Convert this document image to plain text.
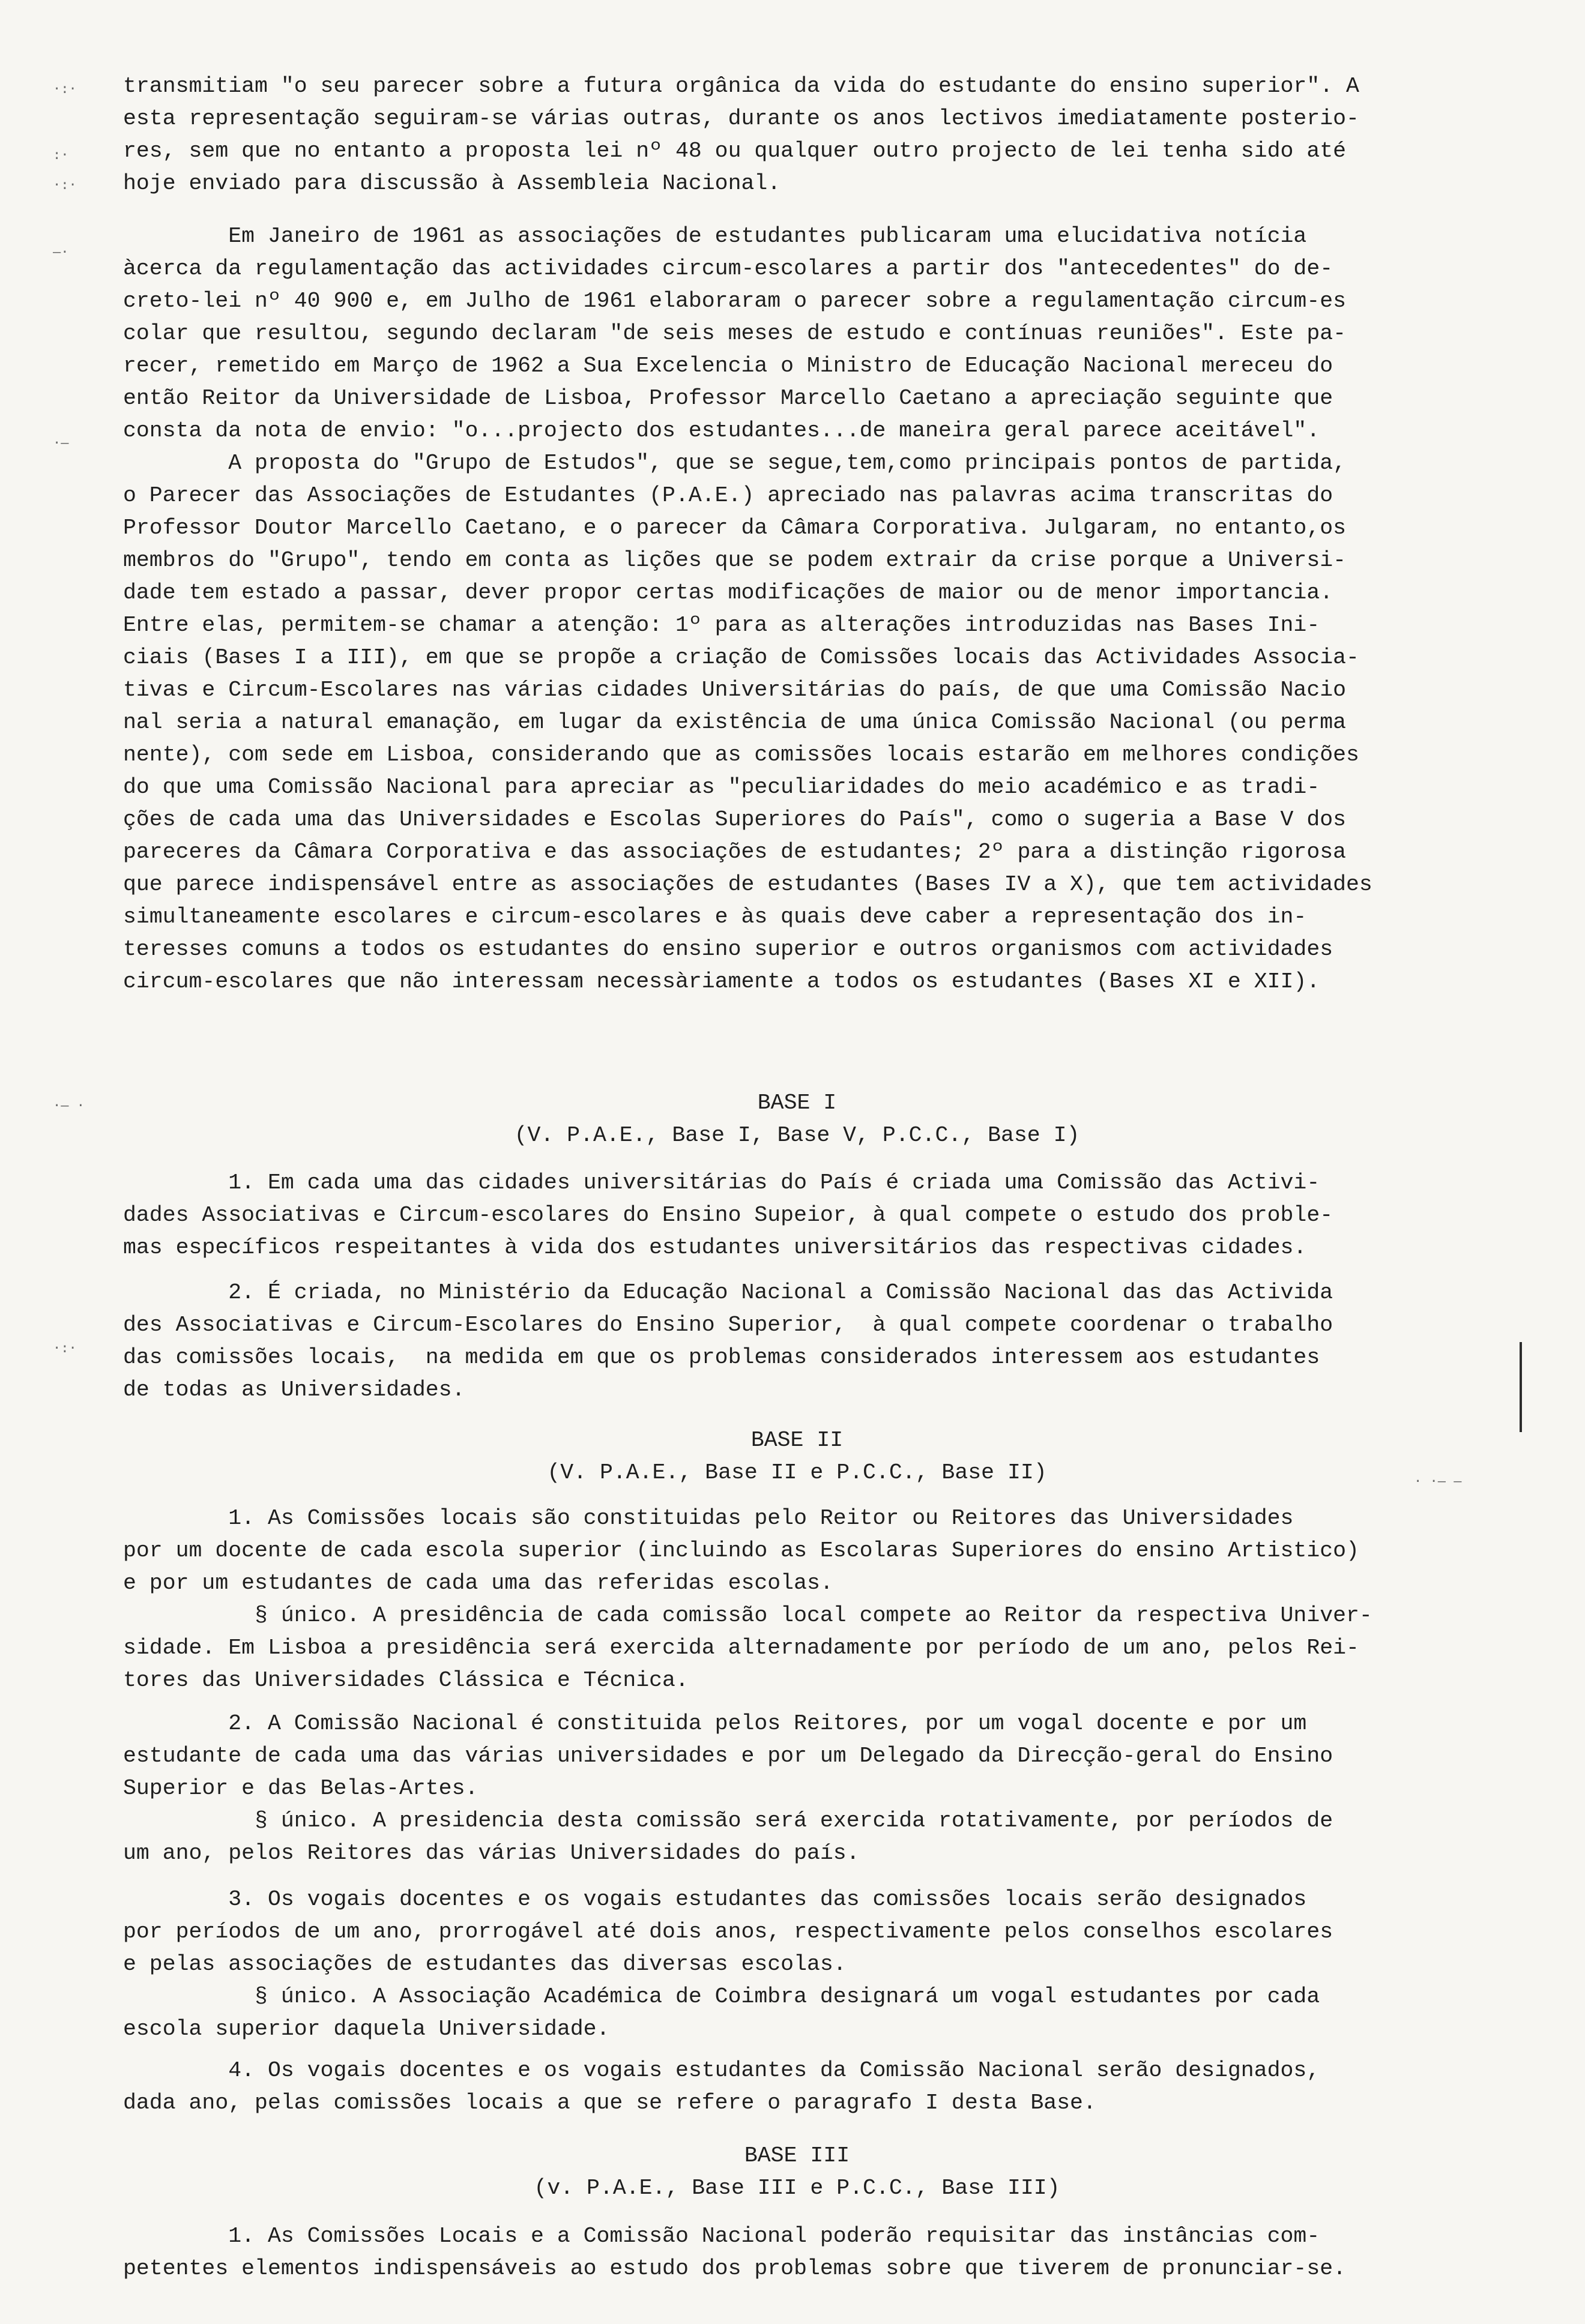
·:·
:·
·:·
–·
·–
·– ·
·:·
· ·– –
transmitiam "o seu parecer sobre a futura orgânica da vida do estudante do ensino superior". A
esta representação seguiram-se várias outras, durante os anos lectivos imediatamente posterio-
res, sem que no entanto a proposta lei nº 48 ou qualquer outro projecto de lei tenha sido até
hoje enviado para discussão à Assembleia Nacional.
Em Janeiro de 1961 as associações de estudantes publicaram uma elucidativa notícia
àcerca da regulamentação das actividades circum-escolares a partir dos "antecedentes" do de-
creto-lei nº 40 900 e, em Julho de 1961 elaboraram o parecer sobre a regulamentação circum-es
colar que resultou, segundo declaram "de seis meses de estudo e contínuas reuniões". Este pa-
recer, remetido em Março de 1962 a Sua Excelencia o Ministro de Educação Nacional mereceu do
então Reitor da Universidade de Lisboa, Professor Marcello Caetano a apreciação seguinte que
consta da nota de envio: "o...projecto dos estudantes...de maneira geral parece aceitável".
A proposta do "Grupo de Estudos", que se segue,tem,como principais pontos de partida,
o Parecer das Associações de Estudantes (P.A.E.) apreciado nas palavras acima transcritas do
Professor Doutor Marcello Caetano, e o parecer da Câmara Corporativa. Julgaram, no entanto,os
membros do "Grupo", tendo em conta as lições que se podem extrair da crise porque a Universi-
dade tem estado a passar, dever propor certas modificações de maior ou de menor importancia.
Entre elas, permitem-se chamar a atenção: 1º para as alterações introduzidas nas Bases Ini-
ciais (Bases I a III), em que se propõe a criação de Comissões locais das Actividades Associa-
tivas e Circum-Escolares nas várias cidades Universitárias do país, de que uma Comissão Nacio
nal seria a natural emanação, em lugar da existência de uma única Comissão Nacional (ou perma
nente), com sede em Lisboa, considerando que as comissões locais estarão em melhores condições
do que uma Comissão Nacional para apreciar as "peculiaridades do meio académico e as tradi-
ções de cada uma das Universidades e Escolas Superiores do País", como o sugeria a Base V dos
pareceres da Câmara Corporativa e das associações de estudantes; 2º para a distinção rigorosa
que parece indispensável entre as associações de estudantes (Bases IV a X), que tem actividades
simultaneamente escolares e circum-escolares e às quais deve caber a representação dos in-
teresses comuns a todos os estudantes do ensino superior e outros organismos com actividades
circum-escolares que não interessam necessàriamente a todos os estudantes (Bases XI e XII).
BASE I
(V. P.A.E., Base I, Base V, P.C.C., Base I)
1. Em cada uma das cidades universitárias do País é criada uma Comissão das Activi-
dades Associativas e Circum-escolares do Ensino Supeior, à qual compete o estudo dos proble-
mas específicos respeitantes à vida dos estudantes universitários das respectivas cidades.
2. É criada, no Ministério da Educação Nacional a Comissão Nacional das das Activida
des Associativas e Circum-Escolares do Ensino Superior,  à qual compete coordenar o trabalho
das comissões locais,  na medida em que os problemas considerados interessem aos estudantes
de todas as Universidades.
BASE II
(V. P.A.E., Base II e P.C.C., Base II)
1. As Comissões locais são constituidas pelo Reitor ou Reitores das Universidades
por um docente de cada escola superior (incluindo as Escolaras Superiores do ensino Artistico)
e por um estudantes de cada uma das referidas escolas.
§ único. A presidência de cada comissão local compete ao Reitor da respectiva Univer-
sidade. Em Lisboa a presidência será exercida alternadamente por período de um ano, pelos Rei-
tores das Universidades Clássica e Técnica.
2. A Comissão Nacional é constituida pelos Reitores, por um vogal docente e por um
estudante de cada uma das várias universidades e por um Delegado da Direcção-geral do Ensino
Superior e das Belas-Artes.
§ único. A presidencia desta comissão será exercida rotativamente, por períodos de
um ano, pelos Reitores das várias Universidades do país.
3. Os vogais docentes e os vogais estudantes das comissões locais serão designados
por períodos de um ano, prorrogável até dois anos, respectivamente pelos conselhos escolares
e pelas associações de estudantes das diversas escolas.
§ único. A Associação Académica de Coimbra designará um vogal estudantes por cada
escola superior daquela Universidade.
4. Os vogais docentes e os vogais estudantes da Comissão Nacional serão designados,
dada ano, pelas comissões locais a que se refere o paragrafo I desta Base.
BASE III
(v. P.A.E., Base III e P.C.C., Base III)
1. As Comissões Locais e a Comissão Nacional poderão requisitar das instâncias com-
petentes elementos indispensáveis ao estudo dos problemas sobre que tiverem de pronunciar-se.
